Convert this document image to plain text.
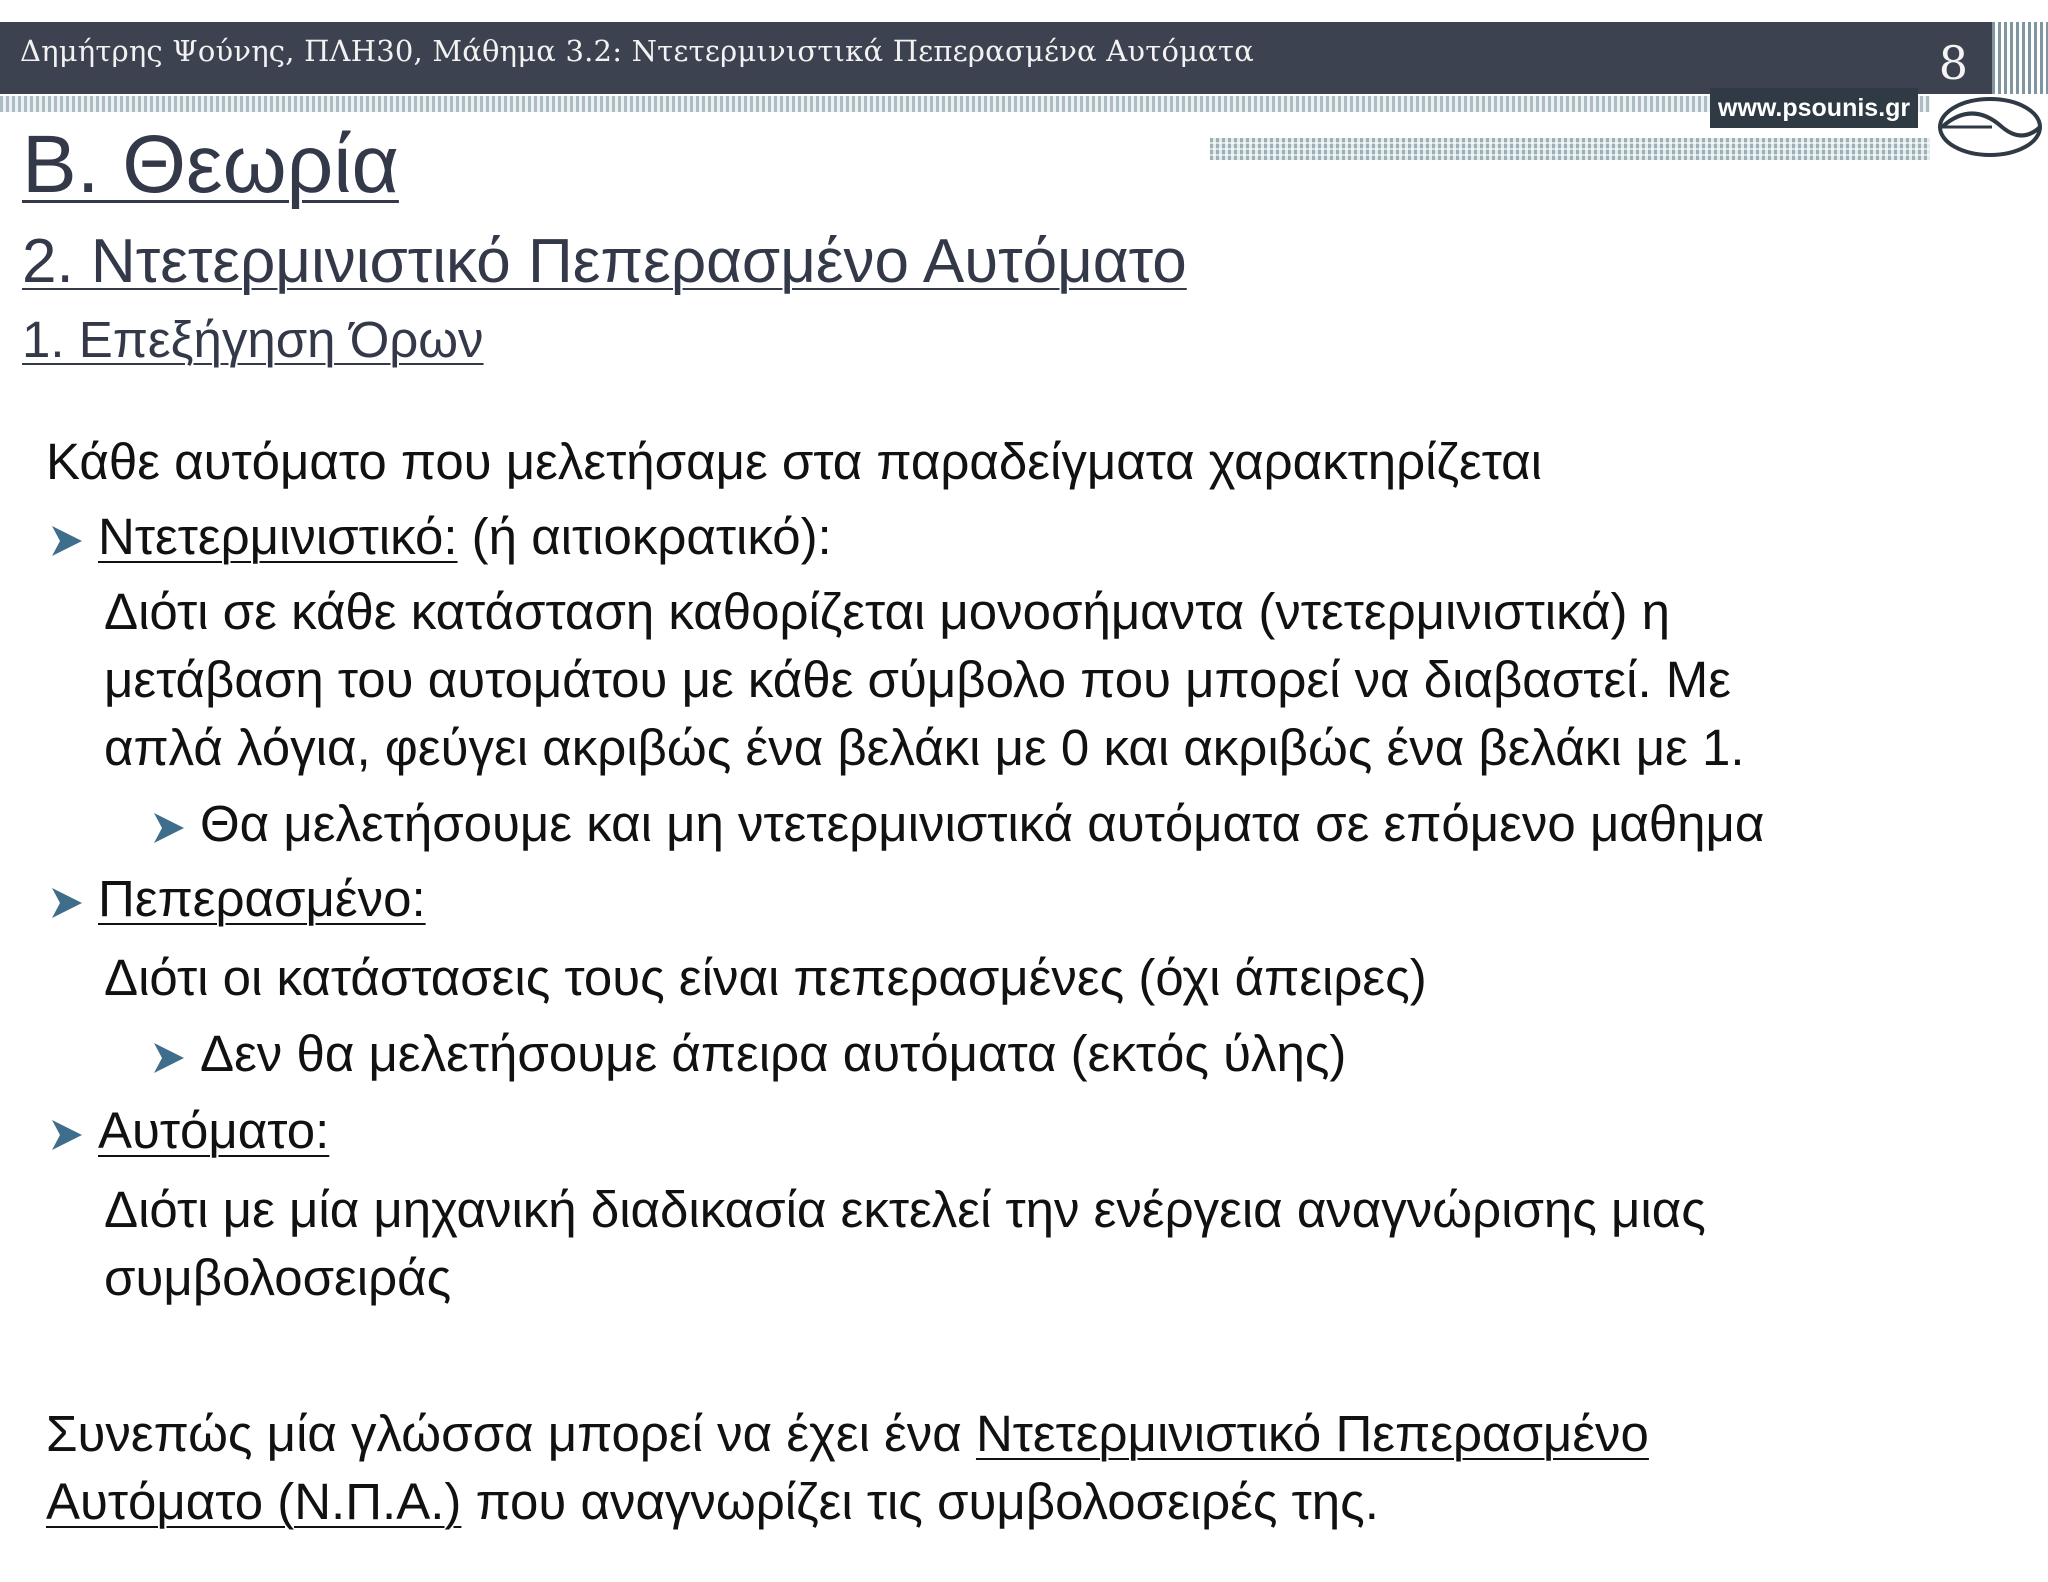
Δημήτρης Ψούνης, ΠΛΗ30, Μάθημα 3.2: Ντετερμινιστικά Πεπερασμένα Αυτόματα	8
www.psounis.gr
Β. Θεωρία
2. Ντετερμινιστικό Πεπερασμένο Αυτόματο
1. Επεξήγηση Όρων
Κάθε αυτόματο που μελετήσαμε στα παραδείγματα χαρακτηρίζεται
Ντετερμινιστικό: (ή αιτιοκρατικό):
Διότι σε κάθε κατάσταση καθορίζεται μονοσήμαντα (ντετερμινιστικά) η
μετάβαση του αυτομάτου με κάθε σύμβολο που μπορεί να διαβαστεί. Με
απλά λόγια, φεύγει ακριβώς ένα βελάκι με 0 και ακριβώς ένα βελάκι με 1.
Θα μελετήσουμε και μη ντετερμινιστικά αυτόματα σε επόμενο μαθημα
Πεπερασμένο:
Διότι οι κατάστασεις τους είναι πεπερασμένες (όχι άπειρες)
Δεν θα μελετήσουμε άπειρα αυτόματα (εκτός ύλης)
Αυτόματο:
Διότι με μία μηχανική διαδικασία εκτελεί την ενέργεια αναγνώρισης μιας
συμβολοσειράς
Συνεπώς μία γλώσσα μπορεί να έχει ένα Ντετερμινιστικό Πεπερασμένο
Αυτόματο (Ν.Π.Α.) που αναγνωρίζει τις συμβολοσειρές της.
